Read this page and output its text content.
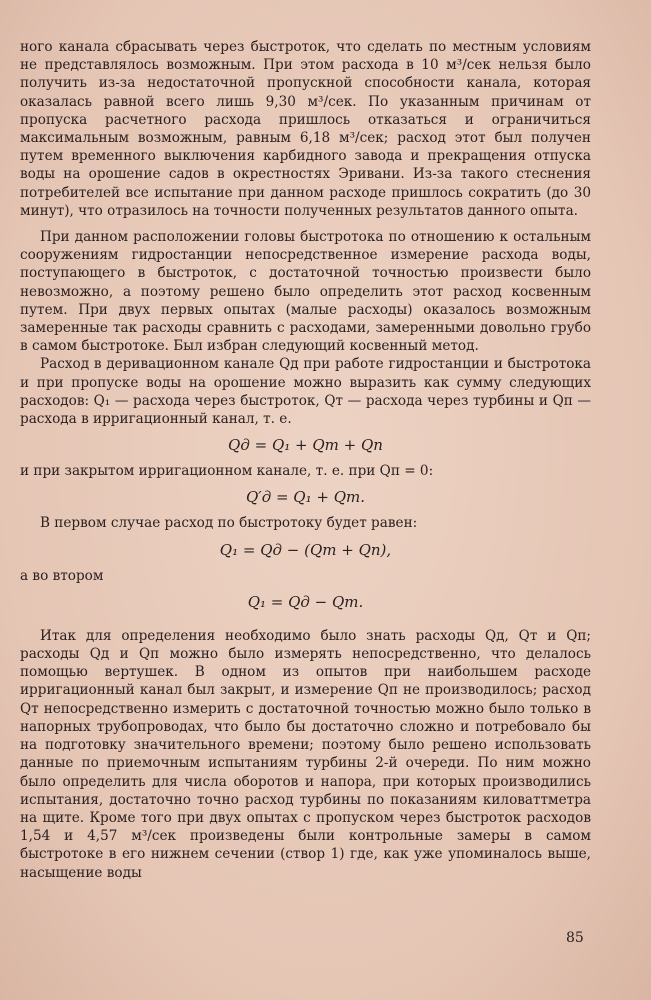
ного канала сбрасывать через быстроток, что сделать по местным условиям не представлялось возможным. При этом расхода в 10 м³/сек нельзя было получить из-за недостаточной пропускной способности канала, которая оказалась равной всего лишь 9,30 м³/сек. По указанным причинам от пропуска расчетного расхода пришлось отказаться и ограничиться максимальным возможным, равным 6,18 м³/сек; расход этот был получен путем временного выключения карбидного завода и прекращения отпуска воды на орошение садов в окрестностях Эривани. Из-за такого стеснения потребителей все испытание при данном расходе пришлось сократить (до 30 минут), что отразилось на точности полученных результатов данного опыта.

При данном расположении головы быстротока по отношению к остальным сооружениям гидростанции непосредственное измерение расхода воды, поступающего в быстроток, с достаточной точностью произвести было невозможно, а поэтому решено было определить этот расход косвенным путем. При двух первых опытах (малые расходы) оказалось возможным замеренные так расходы сравнить с расходами, замеренными довольно грубо в самом быстротоке. Был избран следующий косвенный метод.

Расход в деривационном канале Qд при работе гидростанции и быстротока и при пропуске воды на орошение можно выразить как сумму следующих расходов: Q₁ — расхода через быстроток, Qт — расхода через турбины и Qп — расхода в ирригационный канал, т. е.

Qд = Q₁ + Qт + Qп

и при закрытом ирригационном канале, т. е. при Qп = 0:

Q′д = Q₁ + Qт.

В первом случае расход по быстротоку будет равен:

Q₁ = Qд − (Qт + Qп),

а во втором

Q₁ = Qд − Qт.

Итак для определения необходимо было знать расходы Qд, Qт и Qп; расходы Qд и Qп можно было измерять непосредственно, что делалось помощью вертушек. В одном из опытов при наибольшем расходе ирригационный канал был закрыт, и измерение Qп не производилось; расход Qт непосредственно измерить с достаточной точностью можно было только в напорных трубопроводах, что было бы достаточно сложно и потребовало бы на подготовку значительного времени; поэтому было решено использовать данные по приемочным испытаниям турбины 2-й очереди. По ним можно было определить для числа оборотов и напора, при которых производились испытания, достаточно точно расход турбины по показаниям киловаттметра на щите. Кроме того при двух опытах с пропуском через быстроток расходов 1,54 и 4,57 м³/сек произведены были контрольные замеры в самом быстротоке в его нижнем сечении (створ 1) где, как уже упоминалось выше, насыщение воды

85
